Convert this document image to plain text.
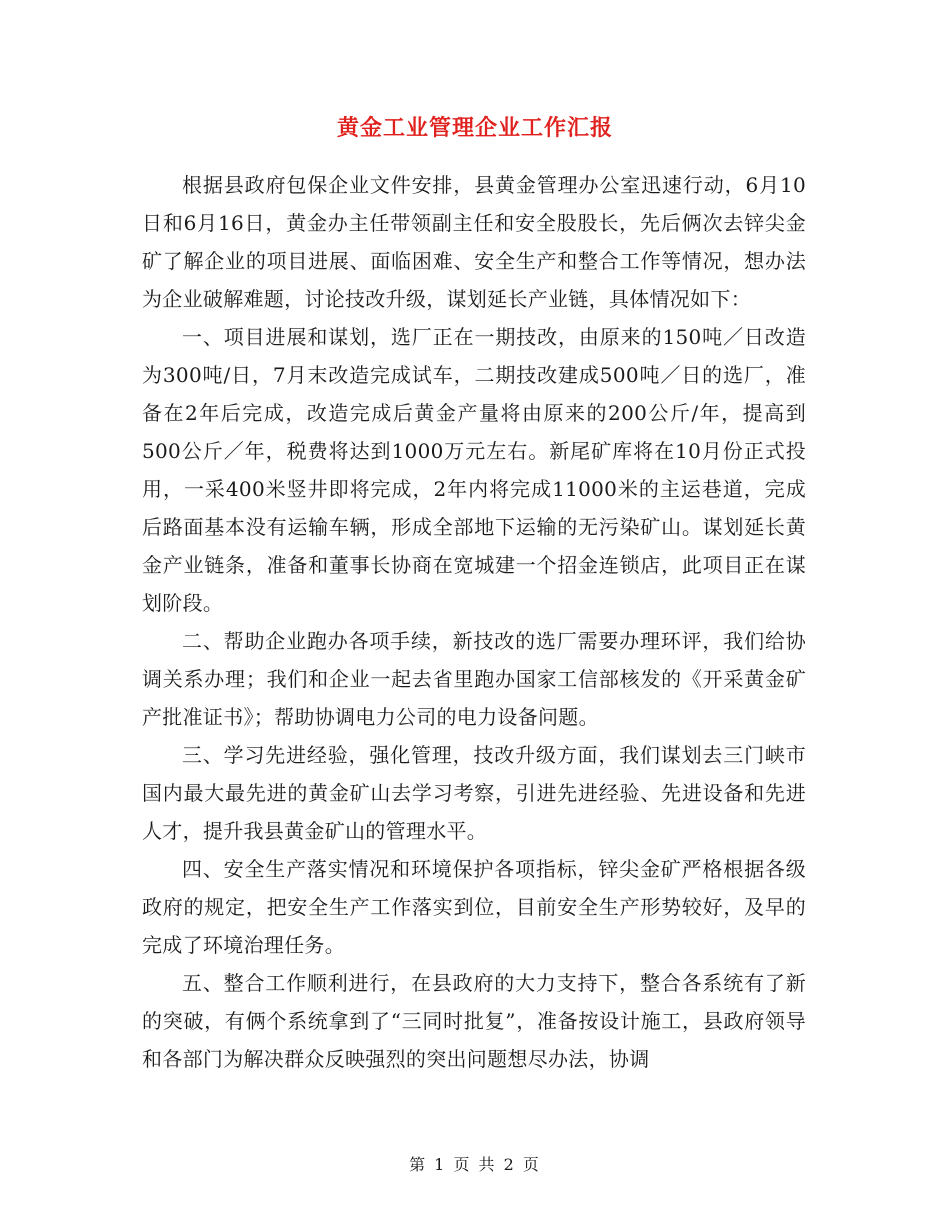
黄金工业管理企业工作汇报

根据县政府包保企业文件安排，县黄金管理办公室迅速行动，6月10日和6月16日，黄金办主任带领副主任和安全股股长，先后俩次去锌尖金矿了解企业的项目进展、面临困难、安全生产和整合工作等情况，想办法为企业破解难题，讨论技改升级，谋划延长产业链，具体情况如下：

一、项目进展和谋划，选厂正在一期技改，由原来的150吨／日改造为300吨/日，7月末改造完成试车，二期技改建成500吨／日的选厂，准备在2年后完成，改造完成后黄金产量将由原来的200公斤/年，提高到500公斤／年，税费将达到1000万元左右。新尾矿库将在10月份正式投用，一采400米竖井即将完成，2年内将完成11000米的主运巷道，完成后路面基本没有运输车辆，形成全部地下运输的无污染矿山。谋划延长黄金产业链条，准备和董事长协商在宽城建一个招金连锁店，此项目正在谋划阶段。

二、帮助企业跑办各项手续，新技改的选厂需要办理环评，我们给协调关系办理；我们和企业一起去省里跑办国家工信部核发的《开采黄金矿产批准证书》；帮助协调电力公司的电力设备问题。

三、学习先进经验，强化管理，技改升级方面，我们谋划去三门峡市国内最大最先进的黄金矿山去学习考察，引进先进经验、先进设备和先进人才，提升我县黄金矿山的管理水平。

四、安全生产落实情况和环境保护各项指标，锌尖金矿严格根据各级政府的规定，把安全生产工作落实到位，目前安全生产形势较好，及早的完成了环境治理任务。

五、整合工作顺利进行，在县政府的大力支持下，整合各系统有了新的突破，有俩个系统拿到了“三同时批复”，准备按设计施工，县政府领导和各部门为解决群众反映强烈的突出问题想尽办法，协调

第 1 页 共 2 页
